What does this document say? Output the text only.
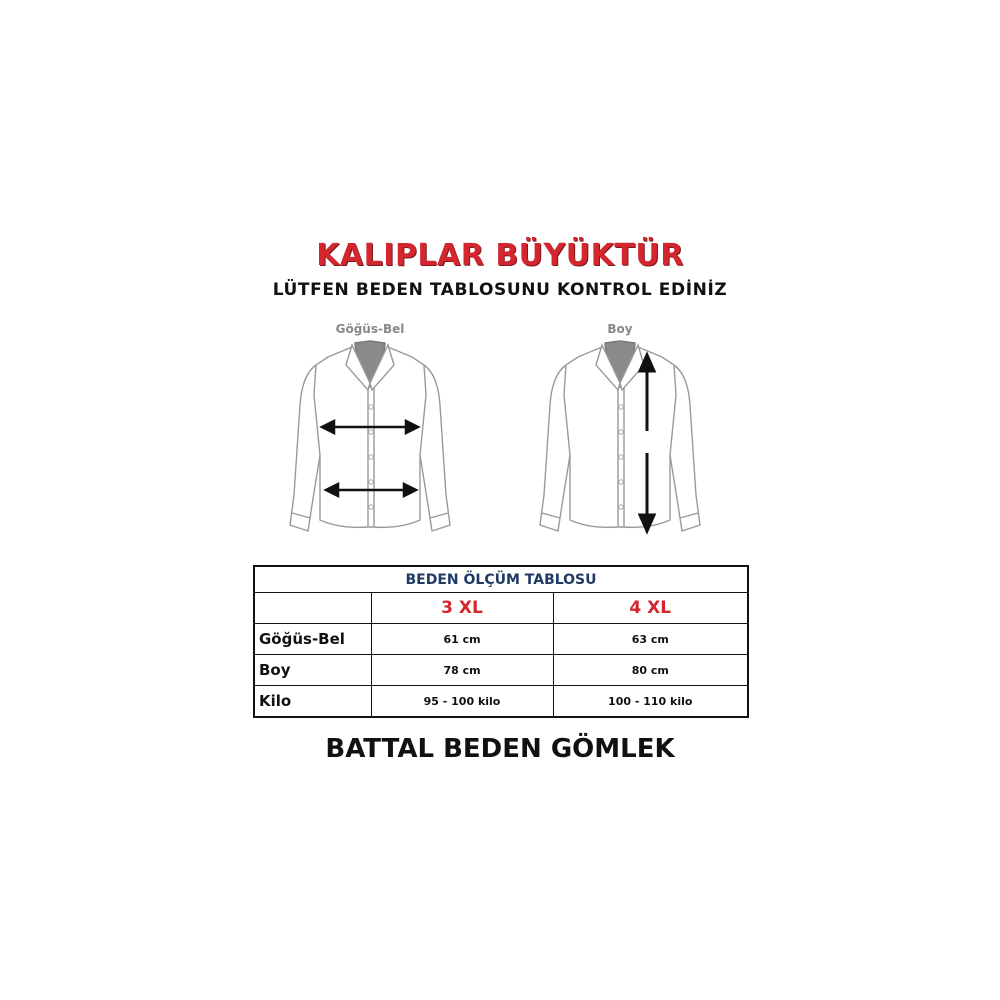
KALIPLAR BÜYÜKTÜR
LÜTFEN BEDEN TABLOSUNU KONTROL EDİNİZ
Göğüs-Bel	Boy
BEDEN ÖLÇÜM TABLOSU		
	3 XL	4 XL
Göğüs-Bel	61 cm	63 cm
Boy	78 cm	80 cm
Kilo	95 - 100 kilo	100 - 110 kilo
BATTAL BEDEN GÖMLEK
